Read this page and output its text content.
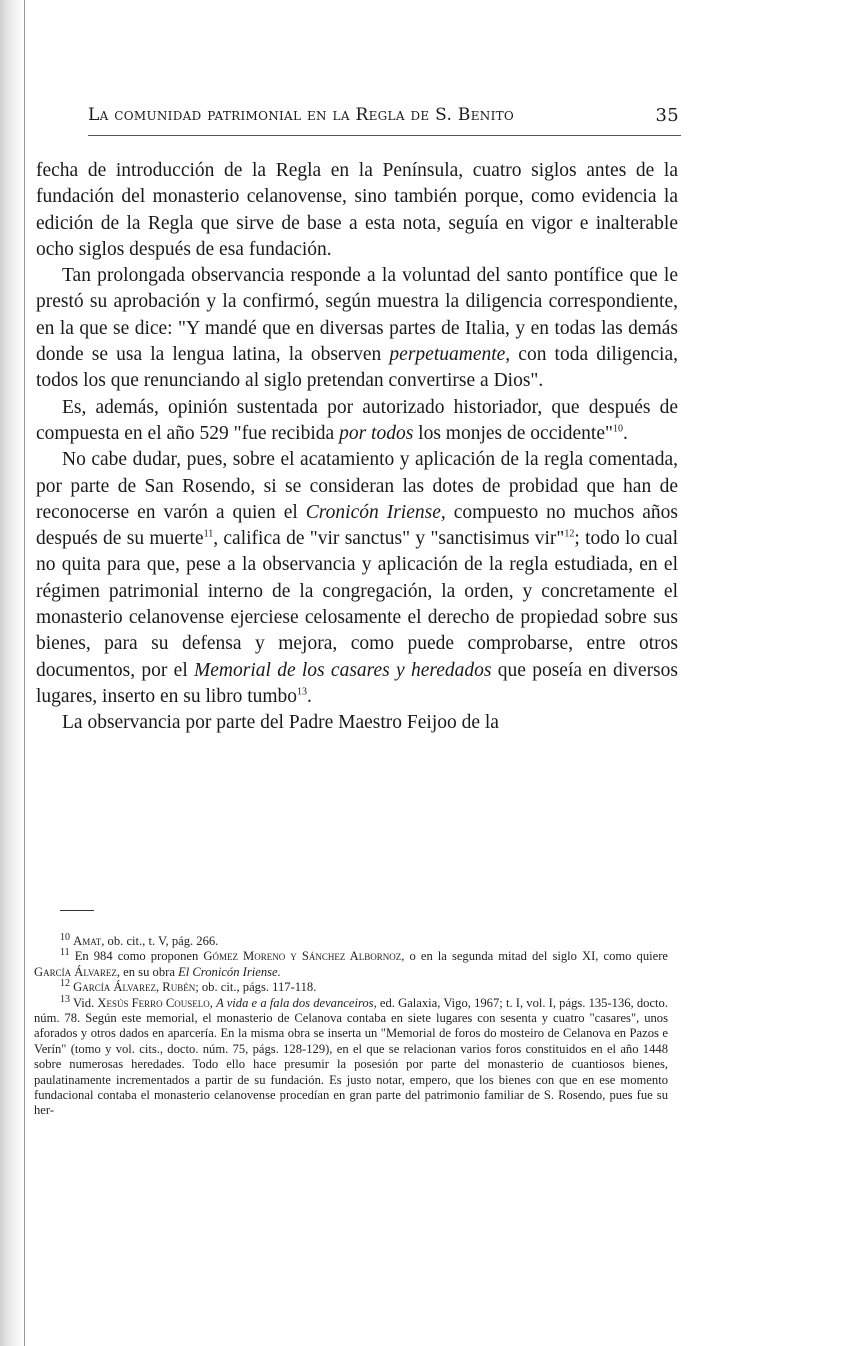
La comunidad patrimonial en la Regla de S. Benito	35

fecha de introducción de la Regla en la Península, cuatro siglos antes de la fundación del monasterio celanovense, sino también porque, como evidencia la edición de la Regla que sirve de base a esta nota, seguía en vigor e inalterable ocho siglos después de esa fundación.

Tan prolongada observancia responde a la voluntad del santo pontífice que le prestó su aprobación y la confirmó, según muestra la diligencia correspondiente, en la que se dice: "Y mandé que en diversas partes de Italia, y en todas las demás donde se usa la lengua latina, la observen perpetuamente, con toda diligencia, todos los que renunciando al siglo pretendan convertirse a Dios".

Es, además, opinión sustentada por autorizado historiador, que después de compuesta en el año 529 "fue recibida por todos los monjes de occidente"$^{10}$.

No cabe dudar, pues, sobre el acatamiento y aplicación de la regla comentada, por parte de San Rosendo, si se consideran las dotes de probidad que han de reconocerse en varón a quien el Cronicón Iriense, compuesto no muchos años después de su muerte$^{11}$, califica de "vir sanctus" y "sanctisimus vir"$^{12}$; todo lo cual no quita para que, pese a la observancia y aplicación de la regla estudiada, en el régimen patrimonial interno de la congregación, la orden, y concretamente el monasterio celanovense ejerciese celosamente el derecho de propiedad sobre sus bienes, para su defensa y mejora, como puede comprobarse, entre otros documentos, por el Memorial de los casares y heredados que poseía en diversos lugares, inserto en su libro tumbo$^{13}$.

La observancia por parte del Padre Maestro Feijoo de la

$^{10}$ Amat, ob. cit., t. V, pág. 266.

$^{11}$ En 984 como proponen Gómez Moreno y Sánchez Albornoz, o en la segunda mitad del siglo XI, como quiere García Álvarez, en su obra El Cronicón Iriense.

$^{12}$ García Álvarez, Rubén; ob. cit., págs. 117-118.

$^{13}$ Vid. Xesús Ferro Couselo, A vida e a fala dos devanceiros, ed. Galaxia, Vigo, 1967; t. I, vol. I, págs. 135-136, docto. núm. 78. Según este memorial, el monasterio de Celanova contaba en siete lugares con sesenta y cuatro "casares", unos aforados y otros dados en aparcería. En la misma obra se inserta un "Memorial de foros do mosteiro de Celanova en Pazos e Verín" (tomo y vol. cits., docto. núm. 75, págs. 128-129), en el que se relacionan varios foros constituidos en el año 1448 sobre numerosas heredades. Todo ello hace presumir la posesión por parte del monasterio de cuantiosos bienes, paulatinamente incrementados a partir de su fundación. Es justo notar, empero, que los bienes con que en ese momento fundacional contaba el monasterio celanovense procedían en gran parte del patrimonio familiar de S. Rosendo, pues fue su her-
